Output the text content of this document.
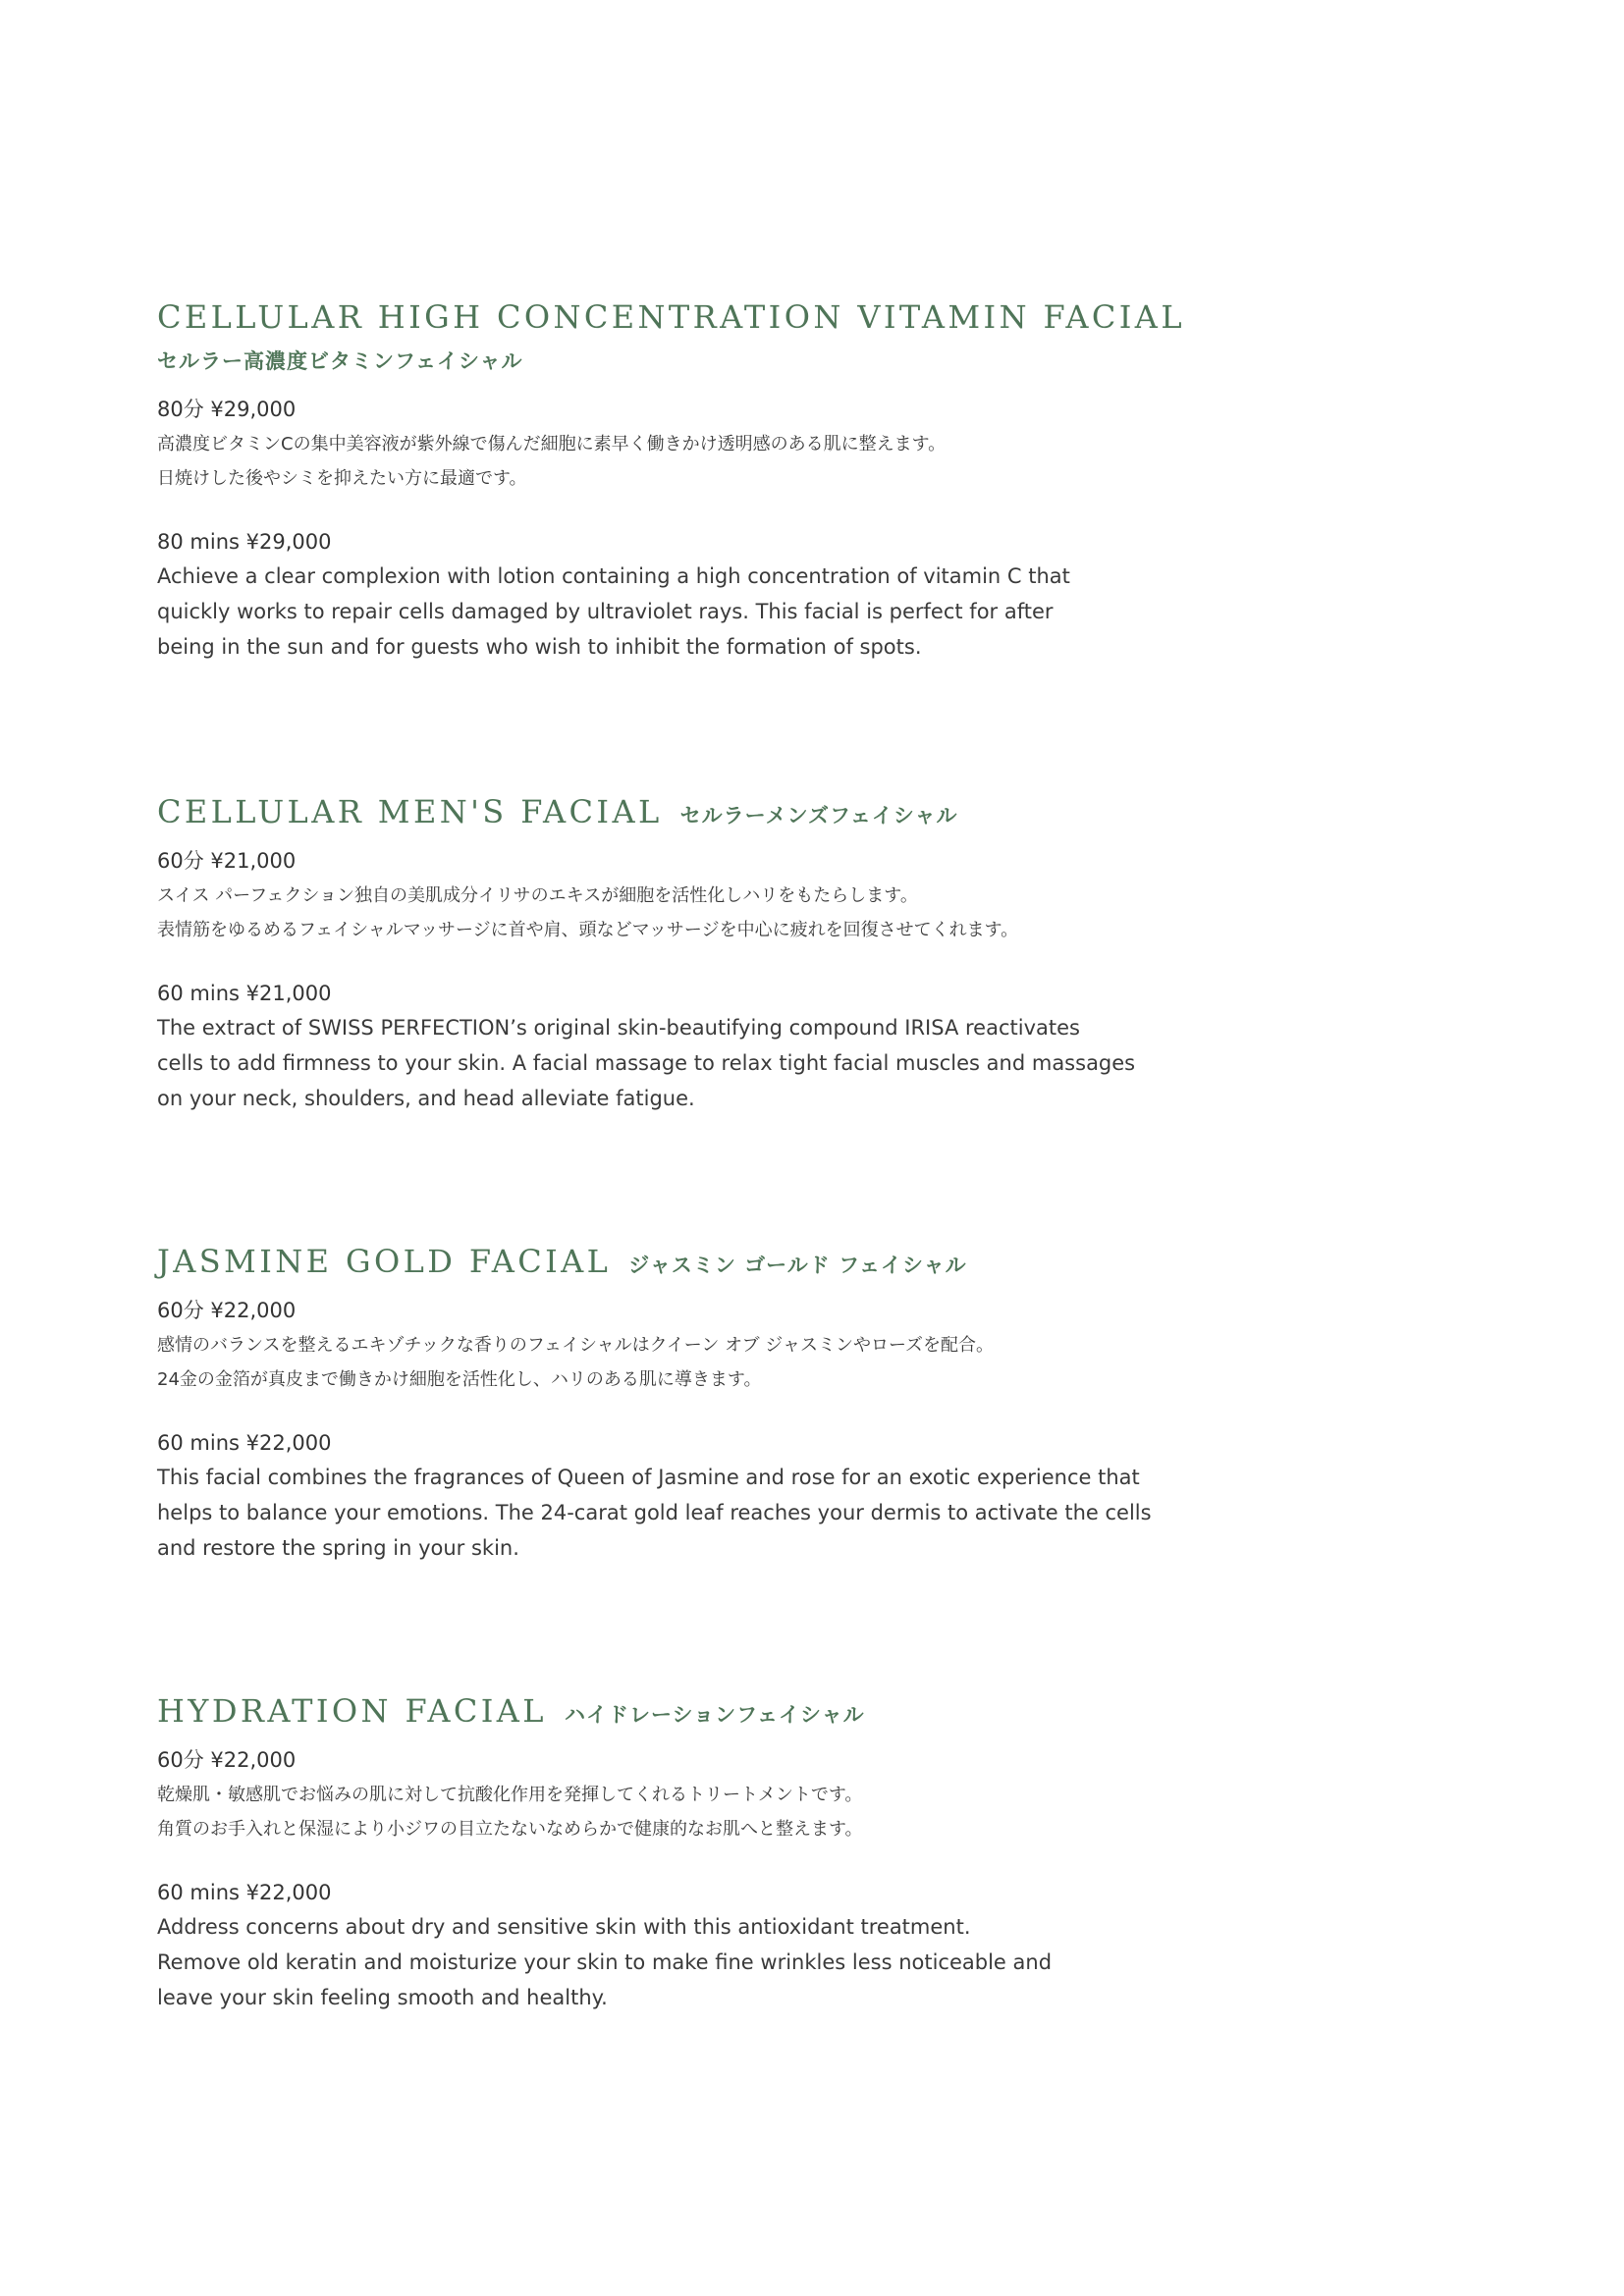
CELLULAR HIGH CONCENTRATION VITAMIN FACIAL
セルラー高濃度ビタミンフェイシャル
80分 ¥29,000
高濃度ビタミンCの集中美容液が紫外線で傷んだ細胞に素早く働きかけ透明感のある肌に整えます。
日焼けした後やシミを抑えたい方に最適です。
80 mins ¥29,000
Achieve a clear complexion with lotion containing a high concentration of vitamin C that
quickly works to repair cells damaged by ultraviolet rays. This facial is perfect for after
being in the sun and for guests who wish to inhibit the formation of spots.
CELLULAR MEN'S FACIAL セルラーメンズフェイシャル
60分 ¥21,000
スイス パーフェクション独自の美肌成分イリサのエキスが細胞を活性化しハリをもたらします。
表情筋をゆるめるフェイシャルマッサージに首や肩、頭などマッサージを中心に疲れを回復させてくれます。
60 mins ¥21,000
The extract of SWISS PERFECTION’s original skin-beautifying compound IRISA reactivates
cells to add firmness to your skin. A facial massage to relax tight facial muscles and massages
on your neck, shoulders, and head alleviate fatigue.
JASMINE GOLD FACIAL ジャスミン ゴールド フェイシャル
60分 ¥22,000
感情のバランスを整えるエキゾチックな香りのフェイシャルはクイーン オブ ジャスミンやローズを配合。
24金の金箔が真皮まで働きかけ細胞を活性化し、ハリのある肌に導きます。
60 mins ¥22,000
This facial combines the fragrances of Queen of Jasmine and rose for an exotic experience that
helps to balance your emotions. The 24-carat gold leaf reaches your dermis to activate the cells
and restore the spring in your skin.
HYDRATION FACIAL ハイドレーションフェイシャル
60分 ¥22,000
乾燥肌・敏感肌でお悩みの肌に対して抗酸化作用を発揮してくれるトリートメントです。
角質のお手入れと保湿により小ジワの目立たないなめらかで健康的なお肌へと整えます。
60 mins ¥22,000
Address concerns about dry and sensitive skin with this antioxidant treatment.
Remove old keratin and moisturize your skin to make fine wrinkles less noticeable and
leave your skin feeling smooth and healthy.
